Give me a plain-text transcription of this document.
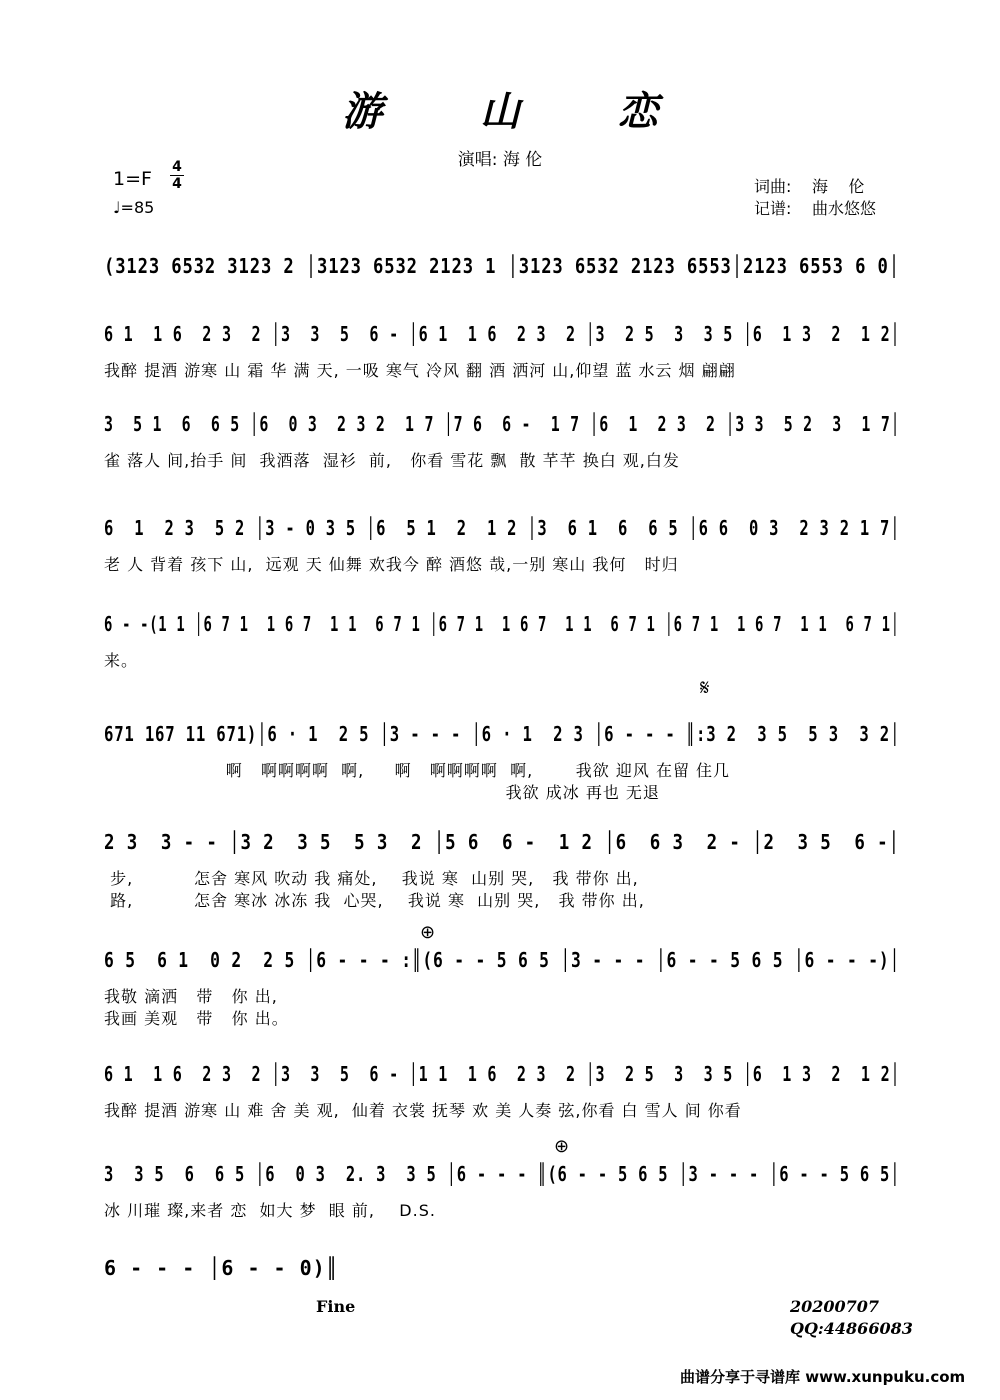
游 山 恋
演唱: 海 伦
1=F
4
4
♩=85
词曲:	海    伦
记谱:	曲水悠悠
(3123 6532 3123 2 │3123 6532 2123 1 │3123 6532 2123 6553│2123 6553 6 0│
6 1  1 6  2 3  2 │3  3  5  6 - │6 1  1 6  2 3  2 │3  2 5  3  3 5 │6  1 3  2  1 2│
我醉 提酒 游寒 山 霜 华 满 天, 一吸 寒气 冷风 翻 酒 洒河 山,仰望 蓝 水云 烟 翩翩
3  5 1  6  6 5 │6  0 3  2 3 2  1 7 │7 6  6 -  1 7 │6  1  2 3  2 │3 3  5 2  3  1 7│
雀 落人 间,抬手 间  我酒落  湿衫  前,   你看 雪花 飘  散 芊芊 换白 观,白发
6  1  2 3  5 2 │3 - 0 3 5 │6  5 1  2  1 2 │3  6 1  6  6 5 │6 6  0 3  2 3 2 1 7│
老 人 背着 孩下 山,  远观 天 仙舞 欢我今 醉 酒悠 哉,一别 寒山 我何   时归
6 - -(1 1 │6 7 1  1 6 7  1 1  6 7 1 │6 7 1  1 6 7  1 1  6 7 1 │6 7 1  1 6 7  1 1  6 7 1│
来。
671 167 11 671)│6 · 1  2 5 │3 - - - │6 · 1  2 3 │6 - - - ║:3 2  3 5  5 3  3 2│
啊   啊啊啊啊  啊,     啊   啊啊啊啊  啊,       我欲 迎风 在留 住几
我欲 成冰 再也 无退
2 3  3 - - │3 2  3 5  5 3  2 │5 6  6 -  1 2 │6  6 3  2 - │2  3 5  6 -│
步,          怎舍 寒风 吹动 我 痛处,    我说 寒  山别 哭,   我 带你 出,
路,          怎舍 寒冰 冰冻 我  心哭,    我说 寒  山别 哭,   我 带你 出,
6 5  6 1  0 2  2 5 │6 - - - :║(6 - - 5 6 5 │3 - - - │6 - - 5 6 5 │6 - - -)│
我敬 滴洒   带   你 出,
我画 美观   带   你 出。
6 1  1 6  2 3  2 │3  3  5  6 - │1 1  1 6  2 3  2 │3  2 5  3  3 5 │6  1 3  2  1 2│
我醉 提酒 游寒 山 难 舍 美 观,  仙着 衣裳 抚琴 欢 美 人奏 弦,你看 白 雪人 间 你看
3  3 5  6  6 5 │6  0 3  2. 3  3 5 │6 - - - ║(6 - - 5 6 5 │3 - - - │6 - - 5 6 5│
冰 川璀 璨,来者 恋  如大 梦  眼 前,    D.S.
6 - - - │6 - - 0)║
𝄋
⊕
⊕
Fine	20200707
QQ:44866083
曲谱分享于寻谱库 www.xunpuku.com
